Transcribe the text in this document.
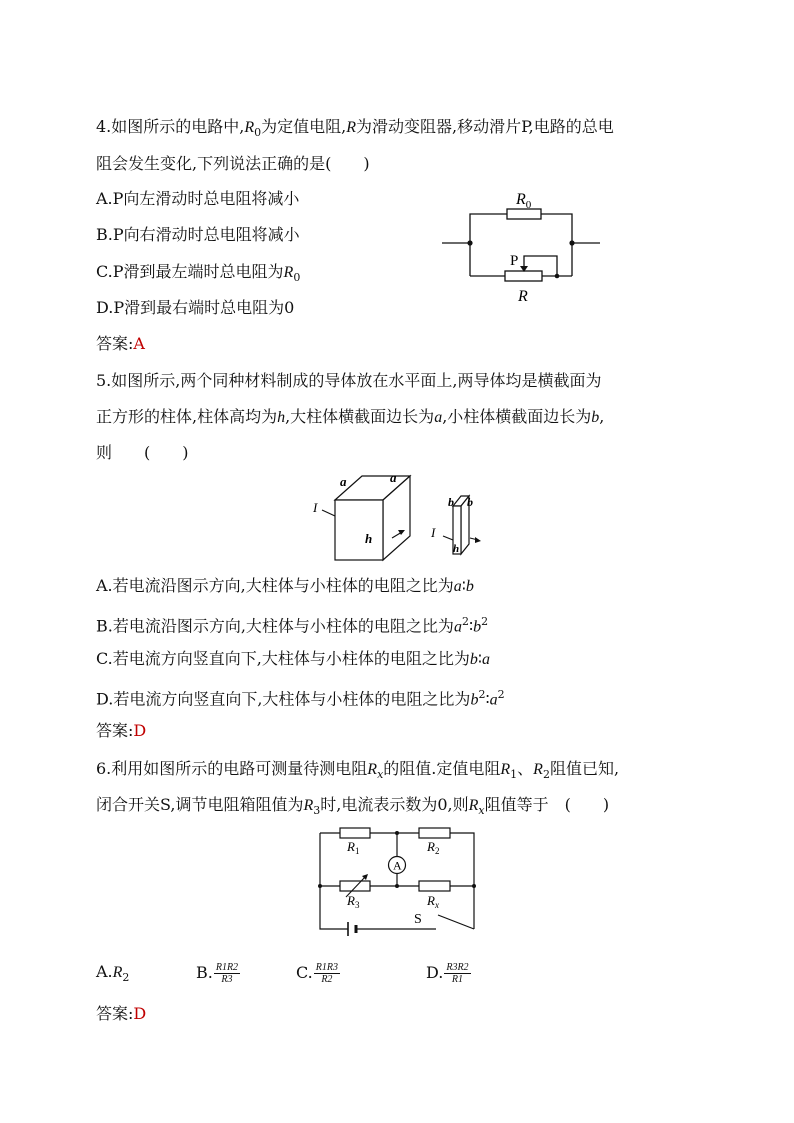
4.如图所示的电路中$,R_0$为定值电阻,R为滑动变阻器,移动滑片P,电路的总电
阻会发生变化,下列说法正确的是(　　)
A.P向左滑动时总电阻将减小
B.P向右滑动时总电阻将减小
C.P滑到最左端时总电阻为$R_0$
D.P滑到最右端时总电阻为0
答案:A
$R_0$
P
R
5.如图所示,两个同种材料制成的导体放在水平面上,两导体均是横截面为
正方形的柱体,柱体高均为h,大柱体横截面边长为a,小柱体横截面边长为b,
则　　(　　)
a	a
I
h
b b
I
h
A.若电流沿图示方向,大柱体与小柱体的电阻之比为a∶b
B.若电流沿图示方向,大柱体与小柱体的电阻之比为$a^2∶b^2$
C.若电流方向竖直向下,大柱体与小柱体的电阻之比为b∶a
D.若电流方向竖直向下,大柱体与小柱体的电阻之比为$b^2∶a^2$
答案:D
6.利用如图所示的电路可测量待测电阻$R_x$的阻值.定值电阻$R_1$、$R_2$阻值已知,
闭合开关S,调节电阻箱阻值为$R_3$时,电流表示数为0,则$R_x$阻值等于　(　　)
A
$R_1$	$R_2$
$R_3$	$R_x$
S
$A.R_2$	B. $\frac{R1R2}{R3}$	C. $\frac{R1R3}{R2}$	D. $\frac{R3R2}{R1}$
答案:D
